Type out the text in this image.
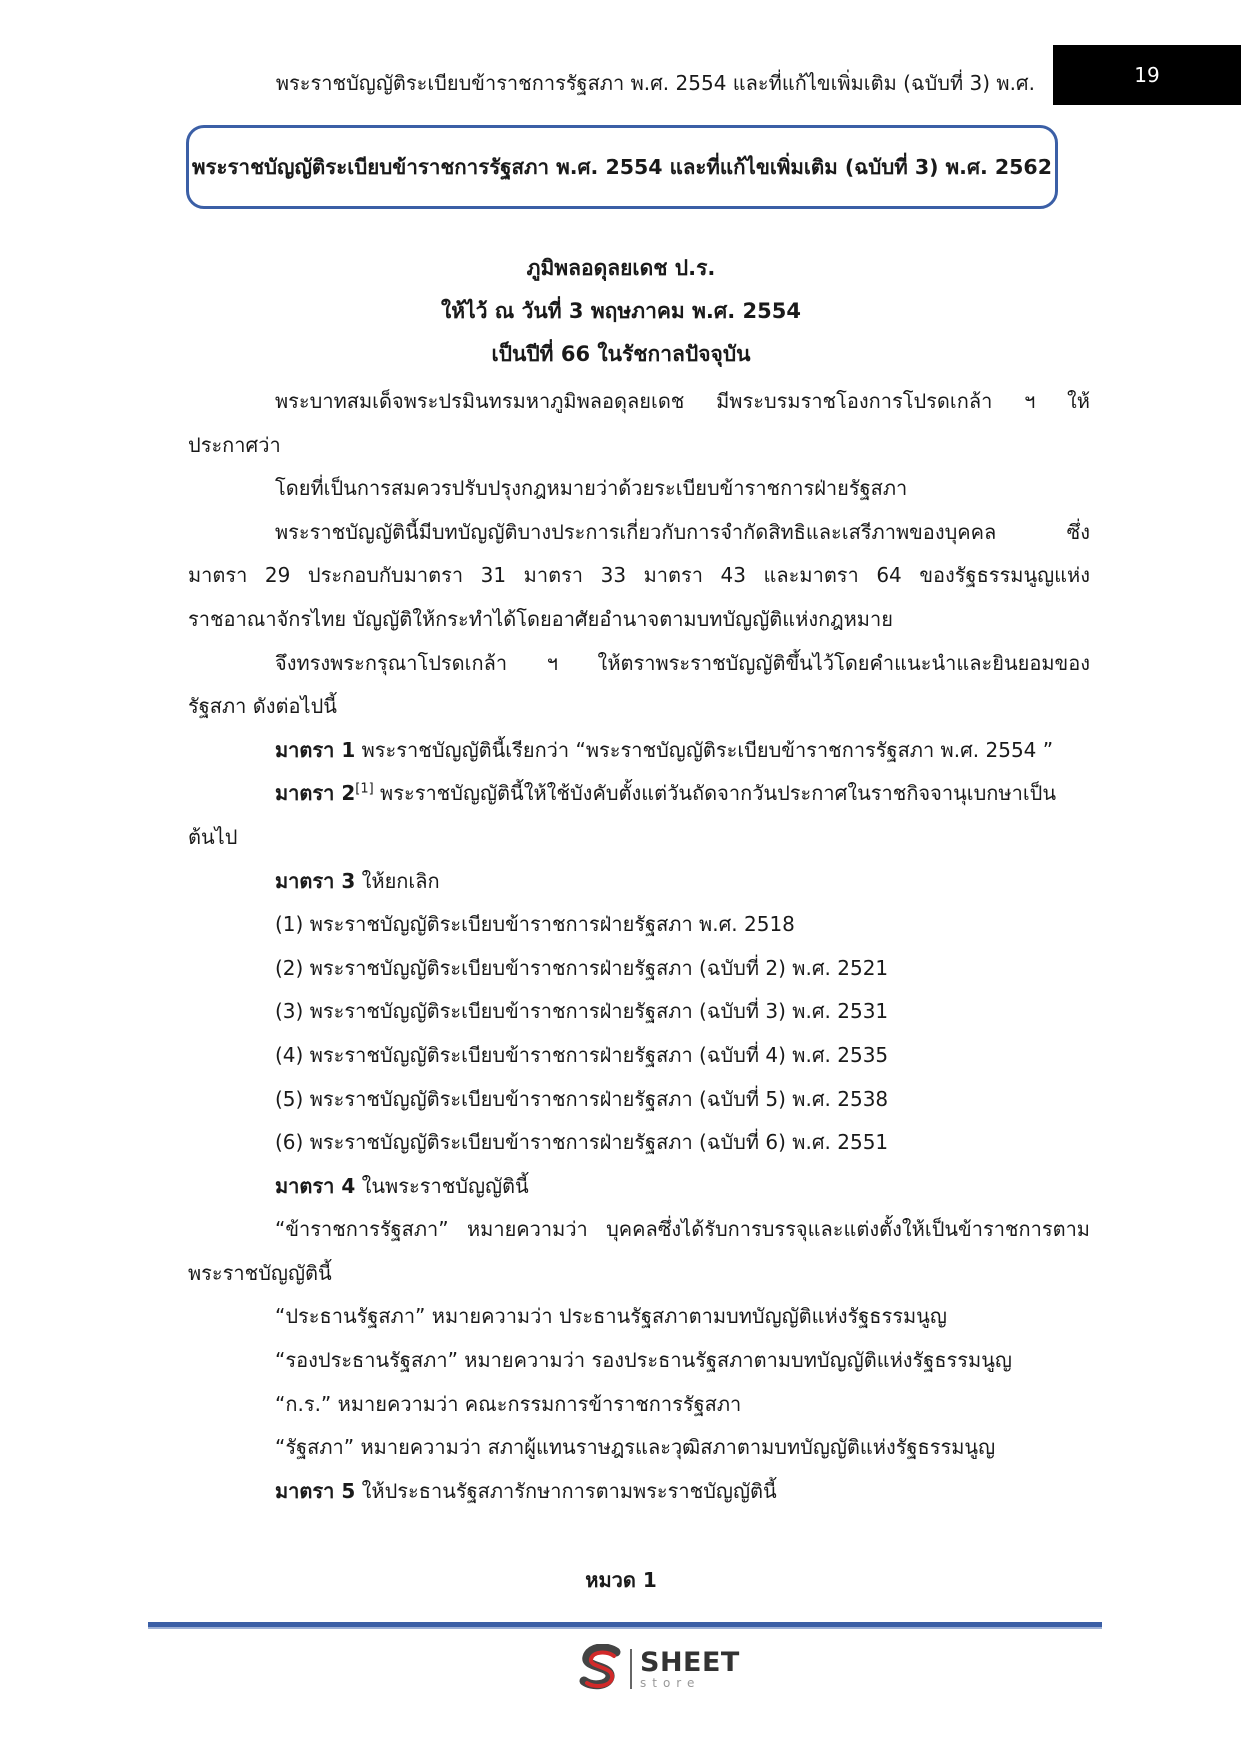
พระราชบัญญัติระเบียบข้าราชการรัฐสภา พ.ศ. 2554 และที่แก้ไขเพิ่มเติม (ฉบับที่ 3) พ.ศ.	19
พระราชบัญญัติระเบียบข้าราชการรัฐสภา พ.ศ. 2554 และที่แก้ไขเพิ่มเติม (ฉบับที่ 3) พ.ศ. 2562
ภูมิพลอดุลยเดช ป.ร.
ให้ไว้ ณ วันที่ 3 พฤษภาคม พ.ศ. 2554
เป็นปีที่ 66 ในรัชกาลปัจจุบัน

พระบาทสมเด็จพระปรมินทรมหาภูมิพลอดุลยเดช มีพระบรมราชโองการโปรดเกล้า ฯ ให้

ประกาศว่า

โดยที่เป็นการสมควรปรับปรุงกฎหมายว่าด้วยระเบียบข้าราชการฝ่ายรัฐสภา

พระราชบัญญัตินี้มีบทบัญญัติบางประการเกี่ยวกับการจำกัดสิทธิและเสรีภาพของบุคคล ซึ่ง

มาตรา 29 ประกอบกับมาตรา 31 มาตรา 33 มาตรา 43 และมาตรา 64 ของรัฐธรรมนูญแห่ง

ราชอาณาจักรไทย บัญญัติให้กระทำได้โดยอาศัยอำนาจตามบทบัญญัติแห่งกฎหมาย

จึงทรงพระกรุณาโปรดเกล้า ฯ ให้ตราพระราชบัญญัติขึ้นไว้โดยคำแนะนำและยินยอมของ

รัฐสภา ดังต่อไปนี้

มาตรา 1 พระราชบัญญัตินี้เรียกว่า “พระราชบัญญัติระเบียบข้าราชการรัฐสภา พ.ศ. 2554 ”

มาตรา 2[1] พระราชบัญญัตินี้ให้ใช้บังคับตั้งแต่วันถัดจากวันประกาศในราชกิจจานุเบกษาเป็น

ต้นไป

มาตรา 3 ให้ยกเลิก

(1) พระราชบัญญัติระเบียบข้าราชการฝ่ายรัฐสภา พ.ศ. 2518

(2) พระราชบัญญัติระเบียบข้าราชการฝ่ายรัฐสภา (ฉบับที่ 2) พ.ศ. 2521

(3) พระราชบัญญัติระเบียบข้าราชการฝ่ายรัฐสภา (ฉบับที่ 3) พ.ศ. 2531

(4) พระราชบัญญัติระเบียบข้าราชการฝ่ายรัฐสภา (ฉบับที่ 4) พ.ศ. 2535

(5) พระราชบัญญัติระเบียบข้าราชการฝ่ายรัฐสภา (ฉบับที่ 5) พ.ศ. 2538

(6) พระราชบัญญัติระเบียบข้าราชการฝ่ายรัฐสภา (ฉบับที่ 6) พ.ศ. 2551

มาตรา 4 ในพระราชบัญญัตินี้

“ข้าราชการรัฐสภา” หมายความว่า บุคคลซึ่งได้รับการบรรจุและแต่งตั้งให้เป็นข้าราชการตาม

พระราชบัญญัตินี้

“ประธานรัฐสภา” หมายความว่า ประธานรัฐสภาตามบทบัญญัติแห่งรัฐธรรมนูญ

“รองประธานรัฐสภา” หมายความว่า รองประธานรัฐสภาตามบทบัญญัติแห่งรัฐธรรมนูญ

“ก.ร.” หมายความว่า คณะกรรมการข้าราชการรัฐสภา

“รัฐสภา” หมายความว่า สภาผู้แทนราษฎรและวุฒิสภาตามบทบัญญัติแห่งรัฐธรรมนูญ

มาตรา 5 ให้ประธานรัฐสภารักษาการตามพระราชบัญญัตินี้

หมวด 1
SHEET
store
